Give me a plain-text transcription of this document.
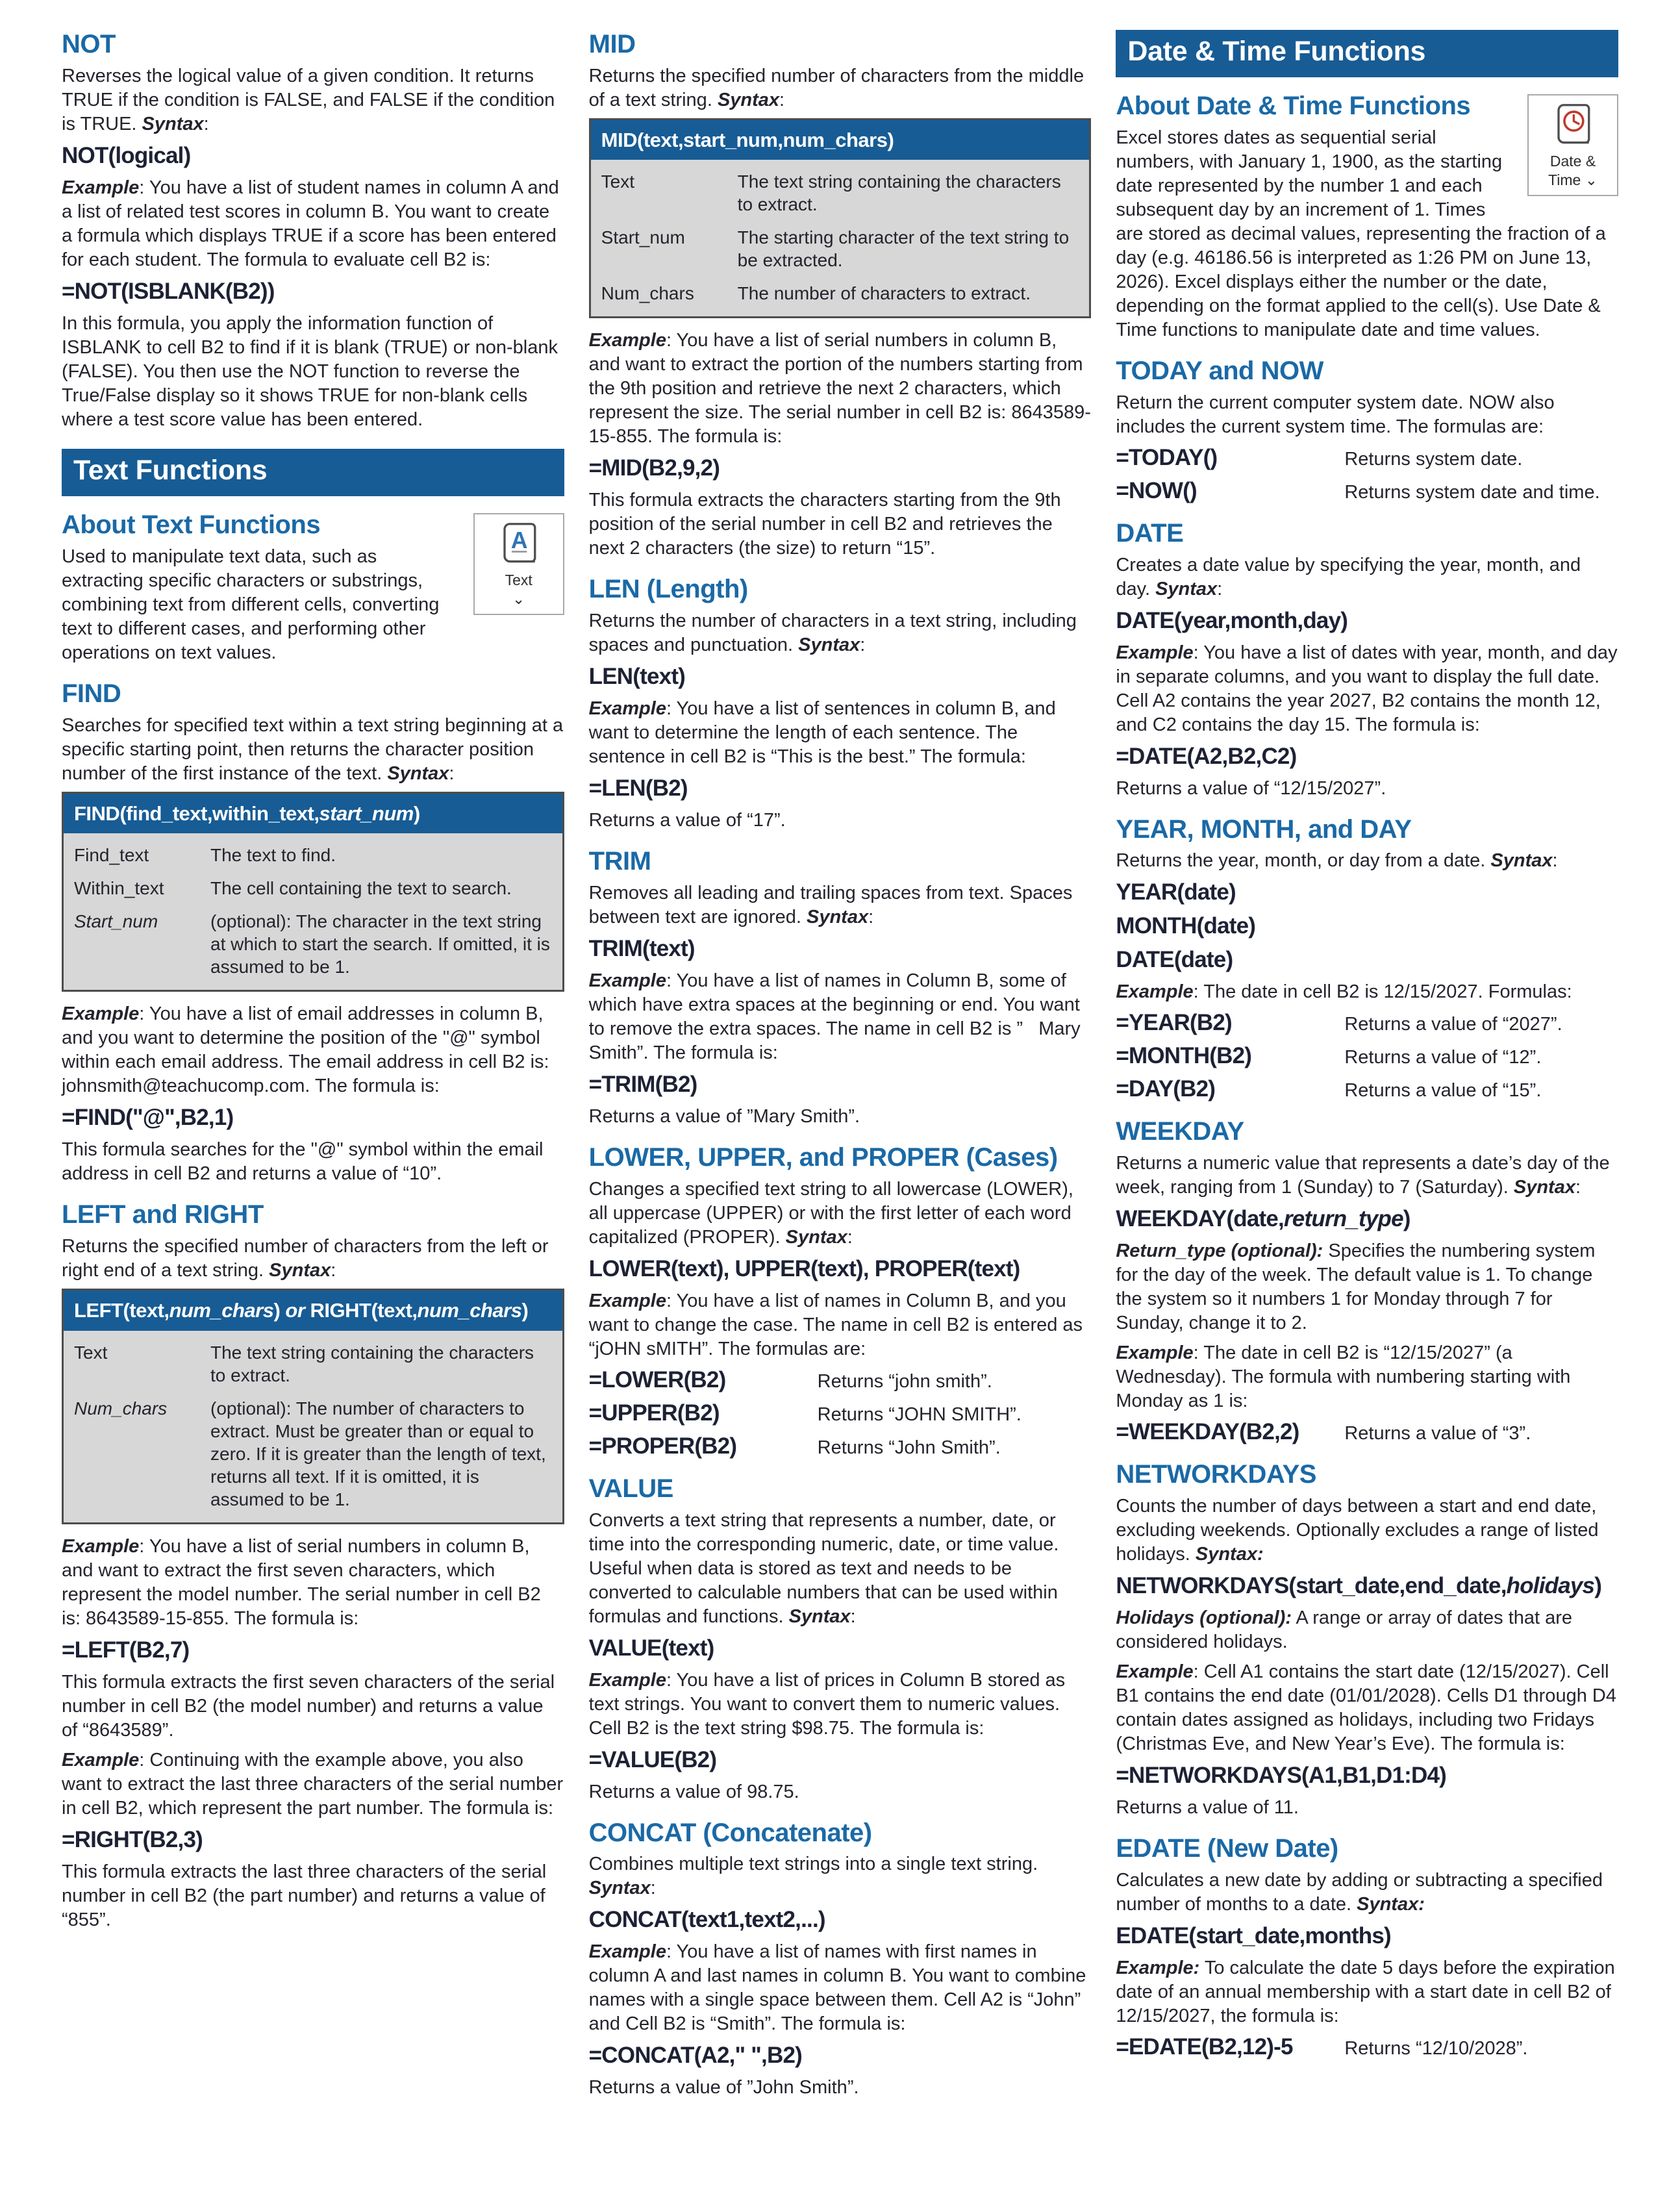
NOT

Reverses the logical value of a given condition. It returns TRUE if the condition is FALSE, and FALSE if the condition is TRUE. Syntax:

NOT(logical)

Example: You have a list of student names in column A and a list of related test scores in column B. You want to create a formula which displays TRUE if a score has been entered for each student. The formula to evaluate cell B2 is:

=NOT(ISBLANK(B2))

In this formula, you apply the information function of ISBLANK to cell B2 to find if it is blank (TRUE) or non-blank (FALSE). You then use the NOT function to reverse the True/False display so it shows TRUE for non-blank cells where a test score value has been entered.

Text Functions
A
Text
⌄
About Text Functions

Used to manipulate text data, such as extracting specific characters or substrings, combining text from different cells, converting text to different cases, and performing other operations on text values.

FIND

Searches for specified text within a text string beginning at a specific starting point, then returns the character position number of the first instance of the text. Syntax:

FIND(find_text,within_text,start_num)
Find_text	The text to find.
Within_text	The cell containing the text to search.
Start_num	(optional): The character in the text string at which to start the search. If omitted, it is assumed to be 1.

Example: You have a list of email addresses in column B, and you want to determine the position of the "@" symbol within each email address. The email address in cell B2 is: johnsmith@teachucomp.com. The formula is:

=FIND("@",B2,1)

This formula searches for the "@" symbol within the email address in cell B2 and returns a value of “10”.

LEFT and RIGHT

Returns the specified number of characters from the left or right end of a text string. Syntax:

LEFT(text,num_chars) or RIGHT(text,num_chars)
Text	The text string containing the characters to extract.
Num_chars	(optional): The number of characters to extract. Must be greater than or equal to zero. If it is greater than the length of text, returns all text. If it is omitted, it is assumed to be 1.

Example: You have a list of serial numbers in column B, and want to extract the first seven characters, which represent the model number. The serial number in cell B2 is: 8643589-15-855. The formula is:

=LEFT(B2,7)

This formula extracts the first seven characters of the serial number in cell B2 (the model number) and returns a value of “8643589”.

Example: Continuing with the example above, you also want to extract the last three characters of the serial number in cell B2, which represent the part number. The formula is:

=RIGHT(B2,3)

This formula extracts the last three characters of the serial number in cell B2 (the part number) and returns a value of “855”.

MID

Returns the specified number of characters from the middle of a text string. Syntax:

MID(text,start_num,num_chars)
Text	The text string containing the characters to extract.
Start_num	The starting character of the text string to be extracted.
Num_chars	The number of characters to extract.

Example: You have a list of serial numbers in column B, and want to extract the portion of the numbers starting from the 9th position and retrieve the next 2 characters, which represent the size. The serial number in cell B2 is: 8643589-15-855. The formula is:

=MID(B2,9,2)

This formula extracts the characters starting from the 9th position of the serial number in cell B2 and retrieves the next 2 characters (the size) to return “15”.

LEN (Length)

Returns the number of characters in a text string, including spaces and punctuation. Syntax:

LEN(text)

Example: You have a list of sentences in column B, and want to determine the length of each sentence. The sentence in cell B2 is “This is the best.” The formula:

=LEN(B2)

Returns a value of “17”.

TRIM

Removes all leading and trailing spaces from text. Spaces between text are ignored. Syntax:

TRIM(text)

Example: You have a list of names in Column B, some of which have extra spaces at the beginning or end. You want to remove the extra spaces. The name in cell B2 is ”   Mary Smith”. The formula is:

=TRIM(B2)

Returns a value of ”Mary Smith”.

LOWER, UPPER, and PROPER (Cases)

Changes a specified text string to all lowercase (LOWER), all uppercase (UPPER) or with the first letter of each word capitalized (PROPER). Syntax:

LOWER(text), UPPER(text), PROPER(text)

Example: You have a list of names in Column B, and you want to change the case. The name in cell B2 is entered as “jOHN sMITH”. The formulas are:

=LOWER(B2)	Returns “john smith”.
=UPPER(B2)	Returns “JOHN SMITH”.
=PROPER(B2)	Returns “John Smith”.
VALUE

Converts a text string that represents a number, date, or time into the corresponding numeric, date, or time value. Useful when data is stored as text and needs to be converted to calculable numbers that can be used within formulas and functions. Syntax:

VALUE(text)

Example: You have a list of prices in Column B stored as text strings. You want to convert them to numeric values. Cell B2 is the text string $98.75. The formula is:

=VALUE(B2)

Returns a value of 98.75.

CONCAT (Concatenate)

Combines multiple text strings into a single text string. Syntax:

CONCAT(text1,text2,...)

Example: You have a list of names with first names in column A and last names in column B. You want to combine names with a single space between them. Cell A2 is “John” and Cell B2 is “Smith”. The formula is:

=CONCAT(A2," ",B2)

Returns a value of ”John Smith”.

Date & Time Functions
Date &
Time ⌄
About Date & Time Functions

Excel stores dates as sequential serial numbers, with January 1, 1900, as the starting date represented by the number 1 and each subsequent day by an increment of 1. Times are stored as decimal values, representing the fraction of a day (e.g. 46186.56 is interpreted as 1:26 PM on June 13, 2026). Excel displays either the number or the date, depending on the format applied to the cell(s). Use Date & Time functions to manipulate date and time values.

TODAY and NOW

Return the current computer system date. NOW also includes the current system time. The formulas are:

=TODAY()	Returns system date.
=NOW()	Returns system date and time.
DATE

Creates a date value by specifying the year, month, and day. Syntax:

DATE(year,month,day)

Example: You have a list of dates with year, month, and day in separate columns, and you want to display the full date. Cell A2 contains the year 2027, B2 contains the month 12, and C2 contains the day 15. The formula is:

=DATE(A2,B2,C2)

Returns a value of “12/15/2027”.

YEAR, MONTH, and DAY

Returns the year, month, or day from a date. Syntax:

YEAR(date)

MONTH(date)

DATE(date)

Example: The date in cell B2 is 12/15/2027. Formulas:

=YEAR(B2)	Returns a value of “2027”.
=MONTH(B2)	Returns a value of “12”.
=DAY(B2)	Returns a value of “15”.
WEEKDAY

Returns a numeric value that represents a date’s day of the week, ranging from 1 (Sunday) to 7 (Saturday). Syntax:

WEEKDAY(date,return_type)

Return_type (optional): Specifies the numbering system for the day of the week. The default value is 1. To change the system so it numbers 1 for Monday through 7 for Sunday, change it to 2.

Example: The date in cell B2 is “12/15/2027” (a Wednesday). The formula with numbering starting with Monday as 1 is:

=WEEKDAY(B2,2)	Returns a value of “3”.
NETWORKDAYS

Counts the number of days between a start and end date, excluding weekends. Optionally excludes a range of listed holidays. Syntax:

NETWORKDAYS(start_date,end_date,holidays)

Holidays (optional): A range or array of dates that are considered holidays.

Example: Cell A1 contains the start date (12/15/2027). Cell B1 contains the end date (01/01/2028). Cells D1 through D4 contain dates assigned as holidays, including two Fridays (Christmas Eve, and New Year’s Eve). The formula is:

=NETWORKDAYS(A1,B1,D1:D4)

Returns a value of 11.

EDATE (New Date)

Calculates a new date by adding or subtracting a specified number of months to a date. Syntax:

EDATE(start_date,months)

Example: To calculate the date 5 days before the expiration date of an annual membership with a start date in cell B2 of 12/15/2027, the formula is:

=EDATE(B2,12)-5	Returns “12/10/2028”.
